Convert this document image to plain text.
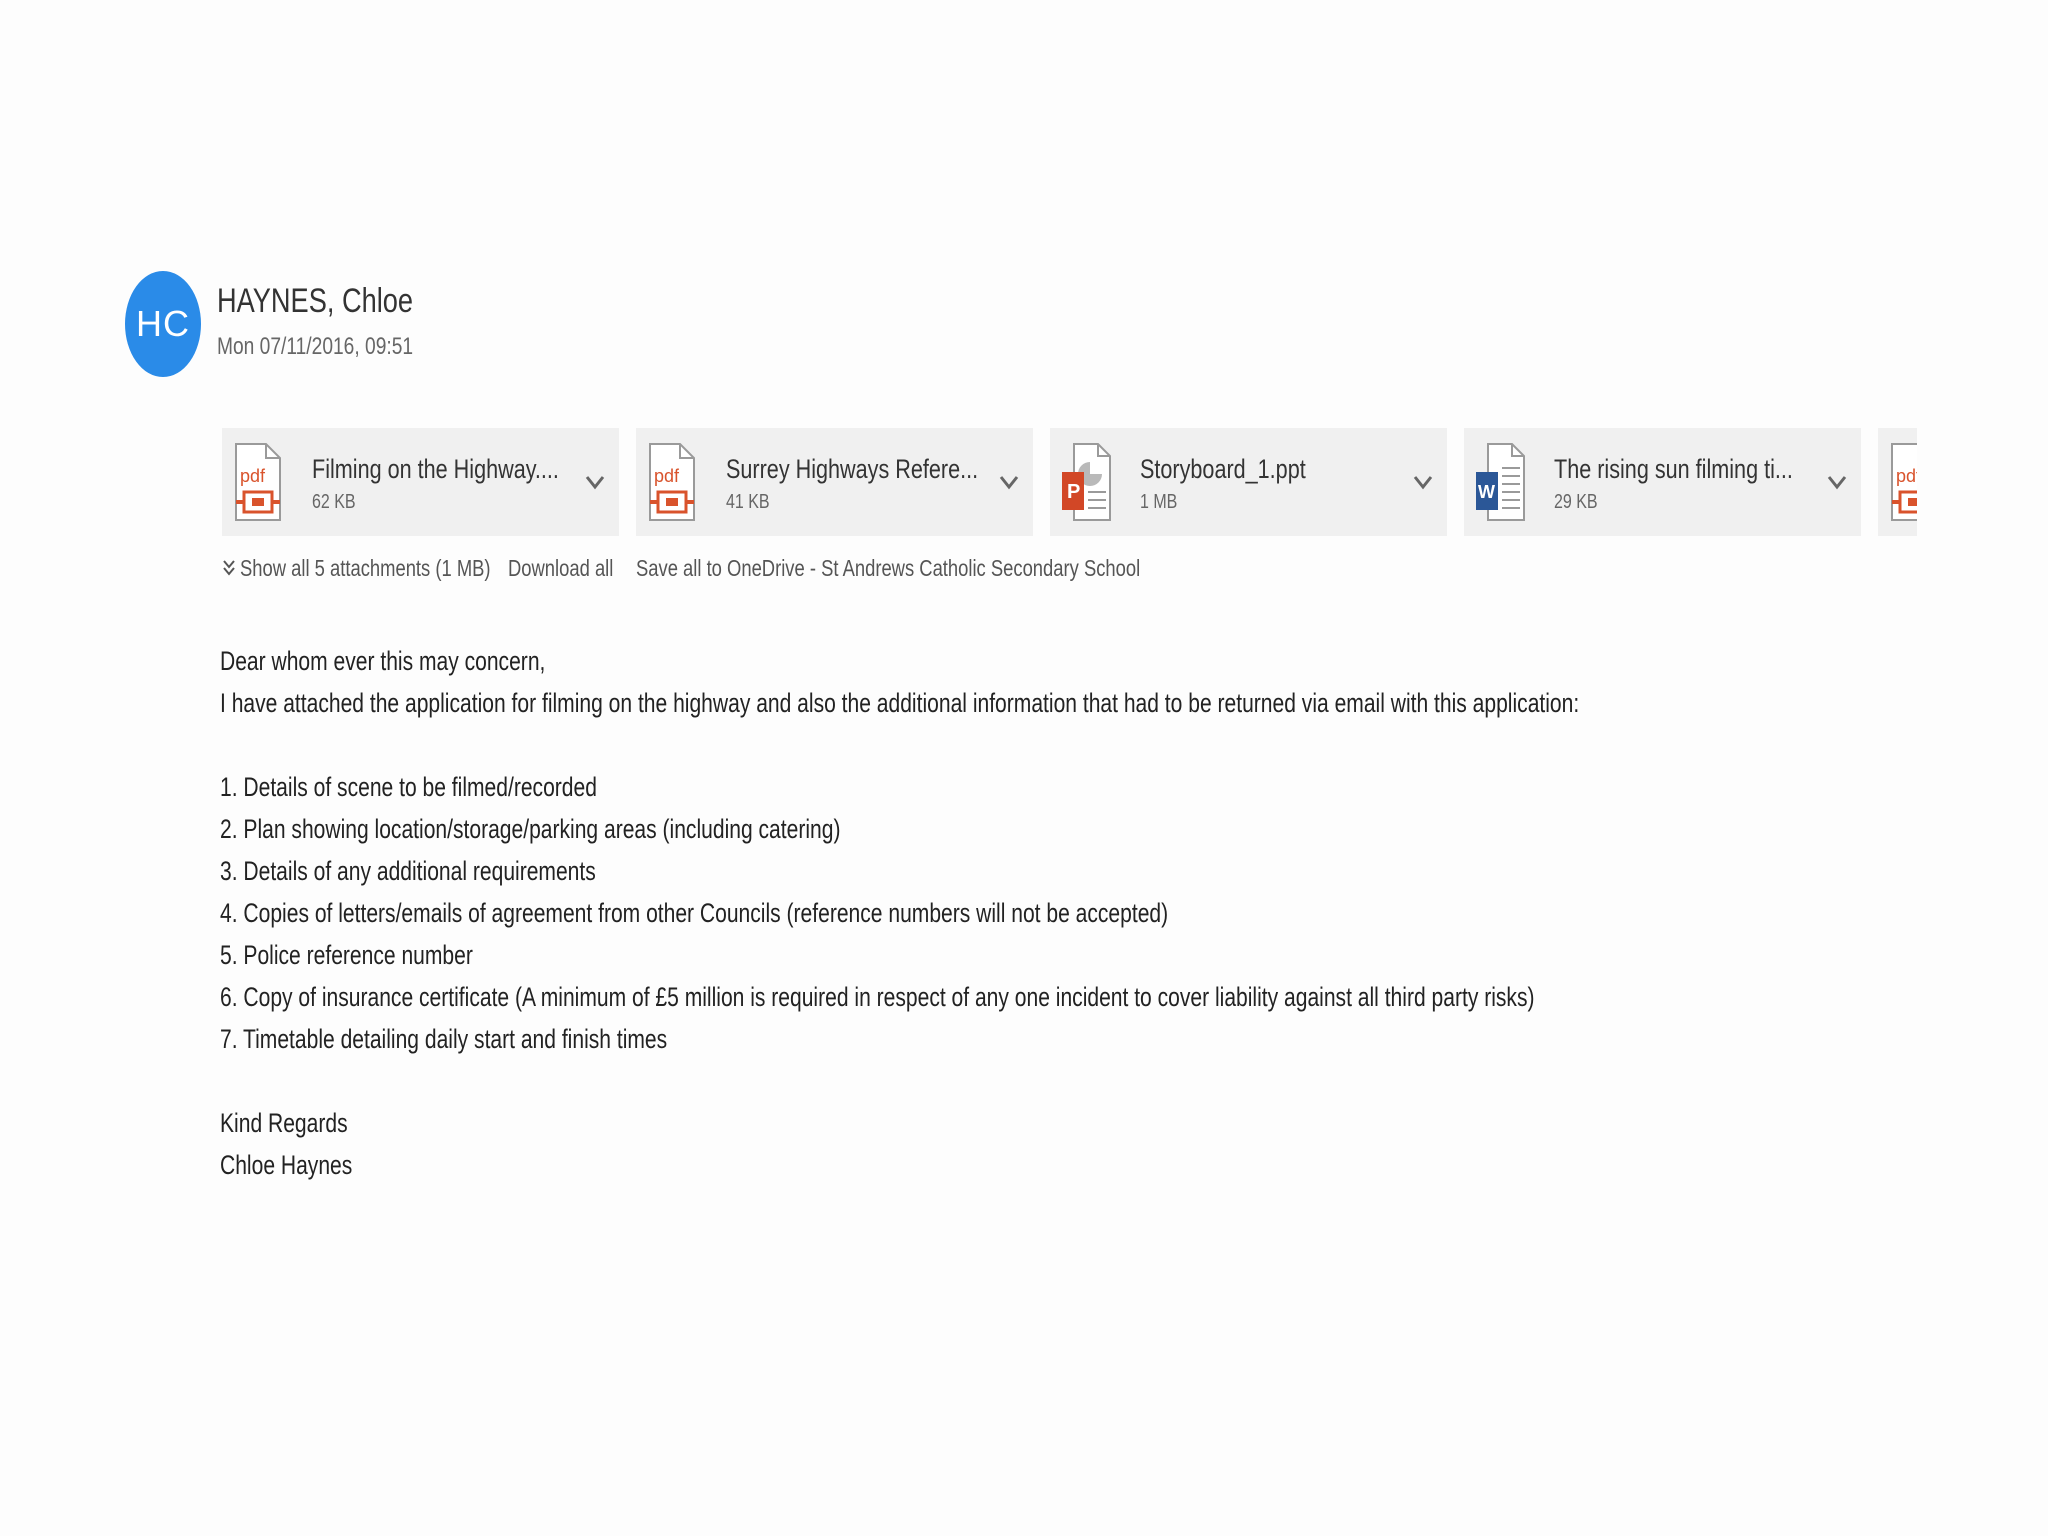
HC
HAYNES, Chloe
Mon 07/11/2016, 09:51
pdf Filming on the Highway....
62 KB
pdf Surrey Highways Refere...
41 KB	P
Storyboard_1.ppt
1 MB	W
The rising sun filming ti...
29 KB
pdf
Show all 5 attachments (1 MB) Download all Save all to OneDrive - St Andrews Catholic Secondary School
Dear whom ever this may concern,
I have attached the application for filming on the highway and also the additional information that had to be returned via email with this application:
1. Details of scene to be filmed/recorded
2. Plan showing location/storage/parking areas (including catering)
3. Details of any additional requirements
4. Copies of letters/emails of agreement from other Councils (reference numbers will not be accepted)
5. Police reference number
6. Copy of insurance certificate (A minimum of £5 million is required in respect of any one incident to cover liability against all third party risks)
7. Timetable detailing daily start and finish times
Kind Regards
Chloe Haynes
